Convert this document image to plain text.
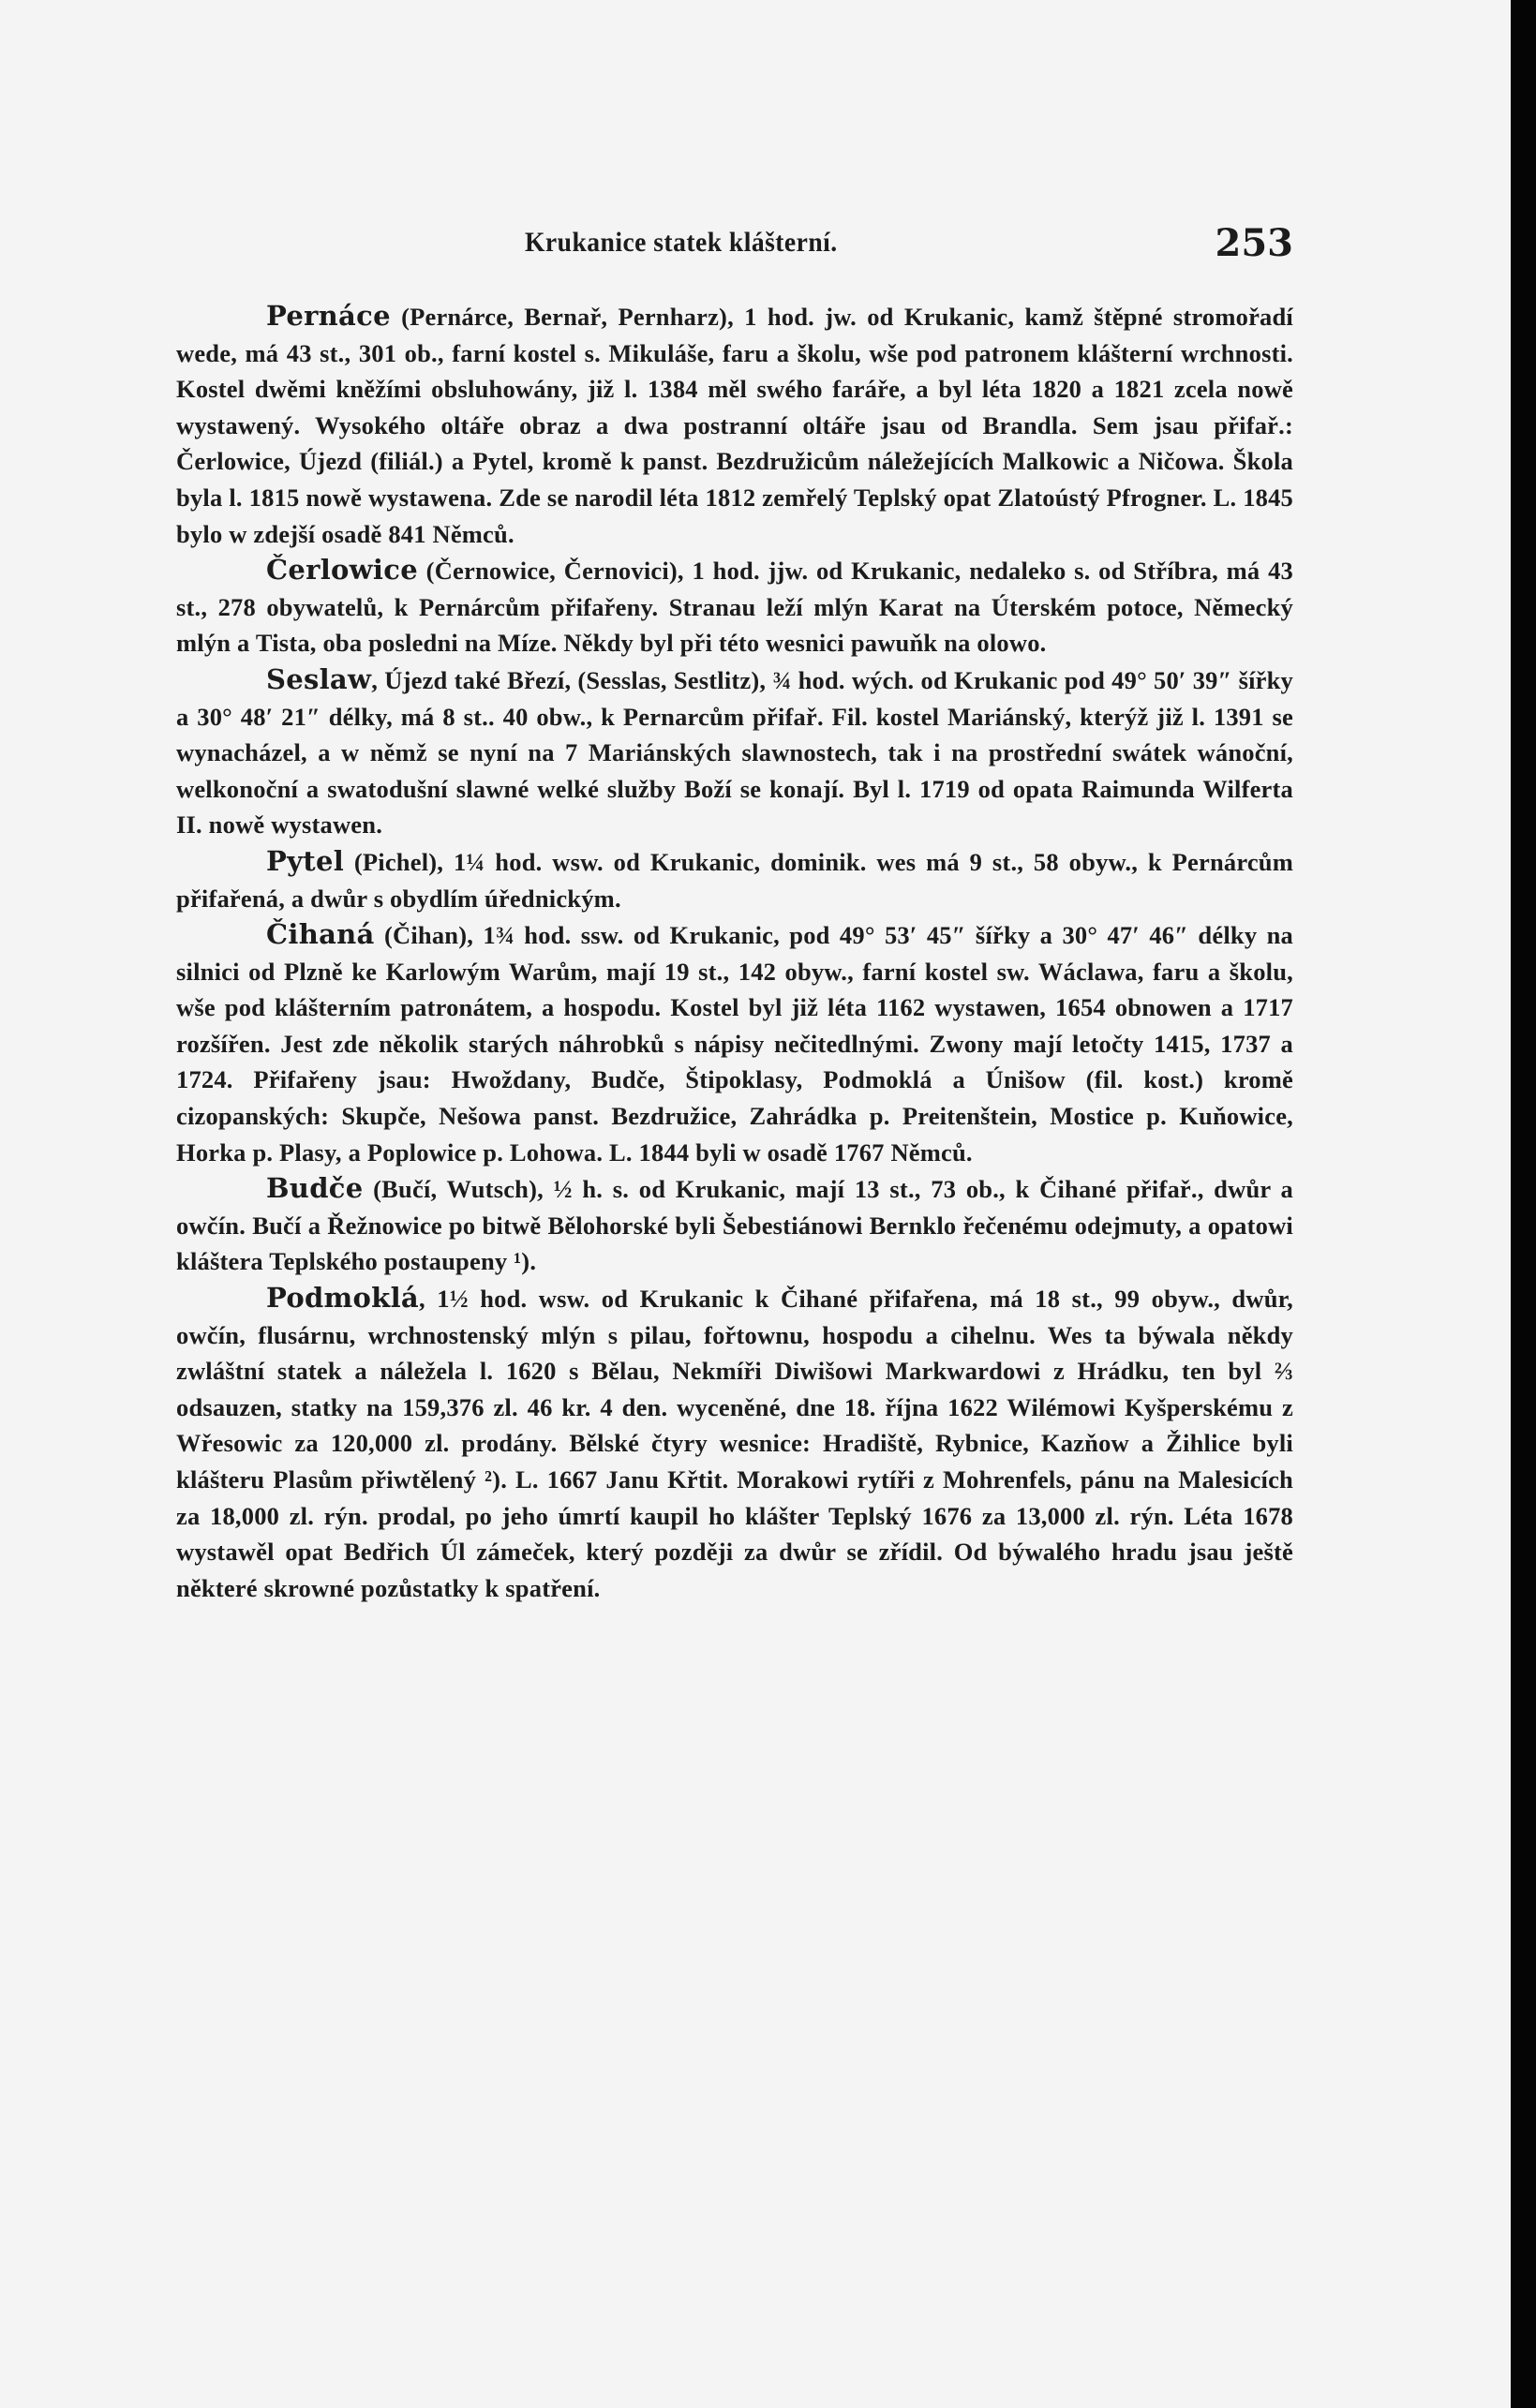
Krukanice statek klášterní.	253

Pernáce (Pernárce, Bernař, Pernharz), 1 hod. jw. od Krukanic, kamž štěpné stromořadí wede, má 43 st., 301 ob., farní kostel s. Mikuláše, faru a školu, wše pod patronem klášterní wrchnosti. Kostel dwěmi kněžími obsluhowány, již l. 1384 měl swého faráře, a byl léta 1820 a 1821 zcela nowě wystawený. Wysokého oltáře obraz a dwa postranní oltáře jsau od Brandla. Sem jsau přifař.: Čerlowice, Újezd (filiál.) a Pytel, kromě k panst. Bezdružicům náležejících Malkowic a Ničowa. Škola byla l. 1815 nowě wystawena. Zde se narodil léta 1812 zemřelý Teplský opat Zlatoústý Pfrogner. L. 1845 bylo w zdejší osadě 841 Němců.

Čerlowice (Černowice, Černovici), 1 hod. jjw. od Krukanic, nedaleko s. od Stříbra, má 43 st., 278 obywatelů, k Pernárcům přifařeny. Stranau leží mlýn Karat na Úterském potoce, Německý mlýn a Tista, oba posledni na Míze. Někdy byl při této wesnici pawuňk na olowo.

Seslaw, Újezd také Březí, (Sesslas, Sestlitz), ¾ hod. wých. od Krukanic pod 49° 50′ 39″ šířky a 30° 48′ 21″ délky, má 8 st.. 40 obw., k Pernarcům přifař. Fil. kostel Mariánský, kterýž již l. 1391 se wynacházel, a w němž se nyní na 7 Mariánských slawnostech, tak i na prostřední swátek wánoční, welkonoční a swatodušní slawné welké služby Boží se konají. Byl l. 1719 od opata Raimunda Wilferta II. nowě wystawen.

Pytel (Pichel), 1¼ hod. wsw. od Krukanic, dominik. wes má 9 st., 58 obyw., k Pernárcům přifařená, a dwůr s obydlím úřednickým.

Čihaná (Čihan), 1¾ hod. ssw. od Krukanic, pod 49° 53′ 45″ šířky a 30° 47′ 46″ délky na silnici od Plzně ke Karlowým Warům, mají 19 st., 142 obyw., farní kostel sw. Wáclawa, faru a školu, wše pod klášterním patronátem, a hospodu. Kostel byl již léta 1162 wystawen, 1654 obnowen a 1717 rozšířen. Jest zde několik starých náhrobků s nápisy nečitedlnými. Zwony mají letočty 1415, 1737 a 1724. Přifařeny jsau: Hwoždany, Budče, Štipoklasy, Podmoklá a Únišow (fil. kost.) kromě cizopanských: Skupče, Nešowa panst. Bezdružice, Zahrádka p. Preitenštein, Mostice p. Kuňowice, Horka p. Plasy, a Poplowice p. Lohowa. L. 1844 byli w osadě 1767 Němců.

Budče (Bučí, Wutsch), ½ h. s. od Krukanic, mají 13 st., 73 ob., k Čihané přifař., dwůr a owčín. Bučí a Řežnowice po bitwě Bělohorské byli Šebestiánowi Bernklo řečenému odejmuty, a opatowi kláštera Teplského postaupeny ¹).

Podmoklá, 1½ hod. wsw. od Krukanic k Čihané přifařena, má 18 st., 99 obyw., dwůr, owčín, flusárnu, wrchnostenský mlýn s pilau, fořtownu, hospodu a cihelnu. Wes ta býwala někdy zwláštní statek a náležela l. 1620 s Bělau, Nekmíři Diwišowi Markwardowi z Hrádku, ten byl ⅔ odsauzen, statky na 159,376 zl. 46 kr. 4 den. wyceněné, dne 18. října 1622 Wilémowi Kyšperskému z Wřesowic za 120,000 zl. prodány. Bělské čtyry wesnice: Hradiště, Rybnice, Kazňow a Žihlice byli klášteru Plasům přiwtělený ²). L. 1667 Janu Křtit. Morakowi rytíři z Mohrenfels, pánu na Malesicích za 18,000 zl. rýn. prodal, po jeho úmrtí kaupil ho klášter Teplský 1676 za 13,000 zl. rýn. Léta 1678 wystawěl opat Bedřich Úl zámeček, který později za dwůr se zřídil. Od býwalého hradu jsau ještě některé skrowné pozůstatky k spatření.
